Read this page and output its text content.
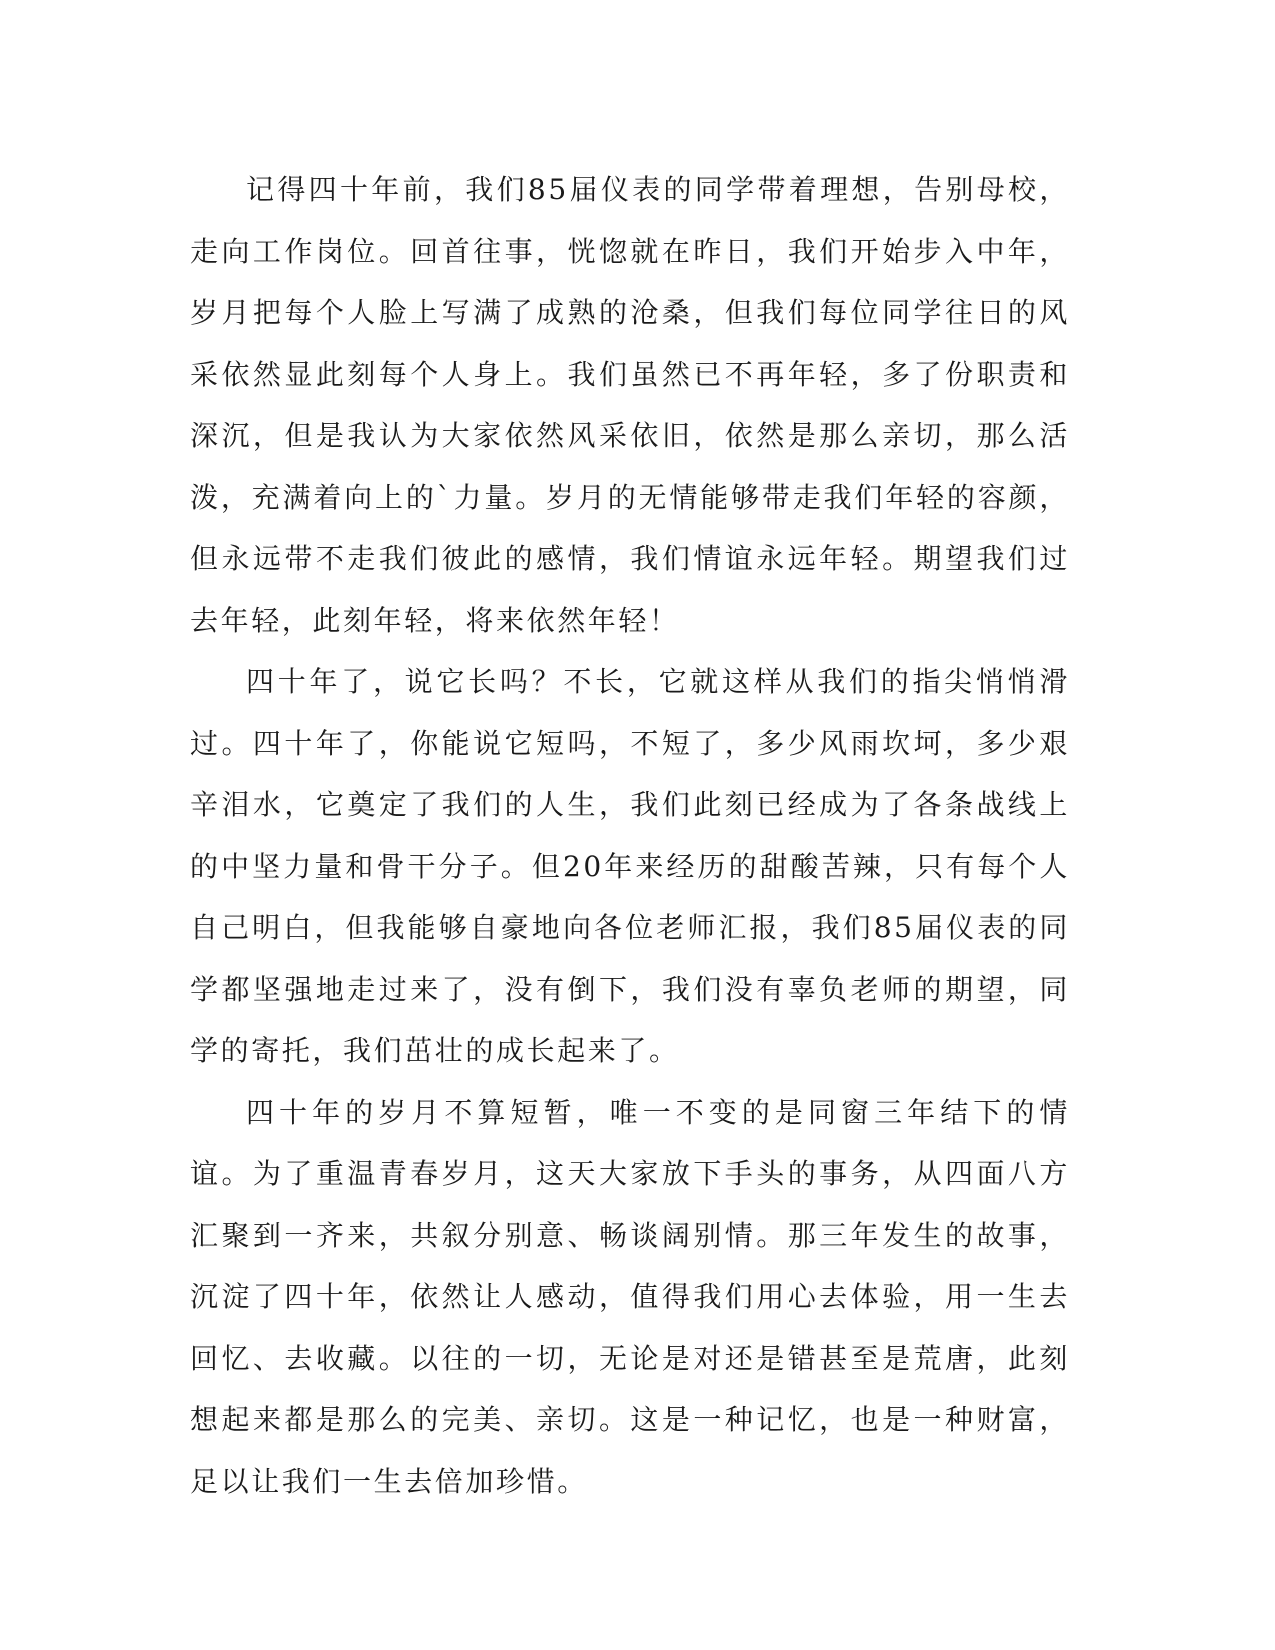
记得四十年前，我们85届仪表的同学带着理想，告别母校，走向工作岗位。回首往事，恍惚就在昨日，我们开始步入中年，岁月把每个人脸上写满了成熟的沧桑，但我们每位同学往日的风采依然显此刻每个人身上。我们虽然已不再年轻，多了份职责和深沉，但是我认为大家依然风采依旧，依然是那么亲切，那么活泼，充满着向上的`力量。岁月的无情能够带走我们年轻的容颜，但永远带不走我们彼此的感情，我们情谊永远年轻。期望我们过去年轻，此刻年轻，将来依然年轻！

四十年了，说它长吗？不长，它就这样从我们的指尖悄悄滑过。四十年了，你能说它短吗，不短了，多少风雨坎坷，多少艰辛泪水，它奠定了我们的人生，我们此刻已经成为了各条战线上的中坚力量和骨干分子。但20年来经历的甜酸苦辣，只有每个人自己明白，但我能够自豪地向各位老师汇报，我们85届仪表的同学都坚强地走过来了，没有倒下，我们没有辜负老师的期望，同学的寄托，我们茁壮的成长起来了。

四十年的岁月不算短暂，唯一不变的是同窗三年结下的情谊。为了重温青春岁月，这天大家放下手头的事务，从四面八方汇聚到一齐来，共叙分别意、畅谈阔别情。那三年发生的故事，沉淀了四十年，依然让人感动，值得我们用心去体验，用一生去回忆、去收藏。以往的一切，无论是对还是错甚至是荒唐，此刻想起来都是那么的完美、亲切。这是一种记忆，也是一种财富，足以让我们一生去倍加珍惜。
